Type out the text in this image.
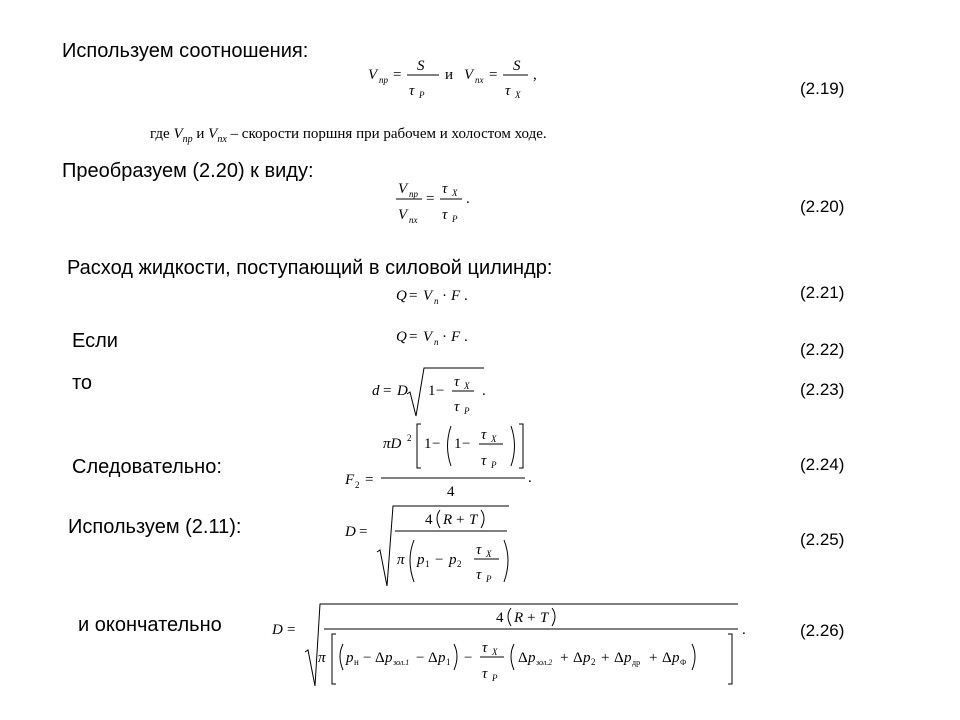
Используем соотношения:
Преобразуем (2.20) к виду:
Расход жидкости, поступающий в силовой цилиндр:
Если
то
Следовательно:
Используем (2.11):
и окончательно
(2.19)
(2.20)
(2.21)
(2.22)
(2.23)
(2.24)
(2.25)
(2.26)
где $V_{пр}$ и $V_{пх}$ – скорости поршня при рабочем и холостом ходе.
V пр =
S
τ P
и V пх =
S
τ X
,
V пр
V пх
=
τ X
τ P
.
Q = V п · F .
Q = V п · F .
d = D 1 −
τ X
τ P
.
F 2 =
πD 2 1 − 1 −
τ X
τ P
4
.
D =
4 R + T
π p 1 − p 2
τ X
τ P
D =
4 R + T
π p н − Δ p зол.1 − Δ p 1 −
τ X
τ P
Δ p зол.2 + Δ p 2 + Δ p др + Δ p Ф
.
